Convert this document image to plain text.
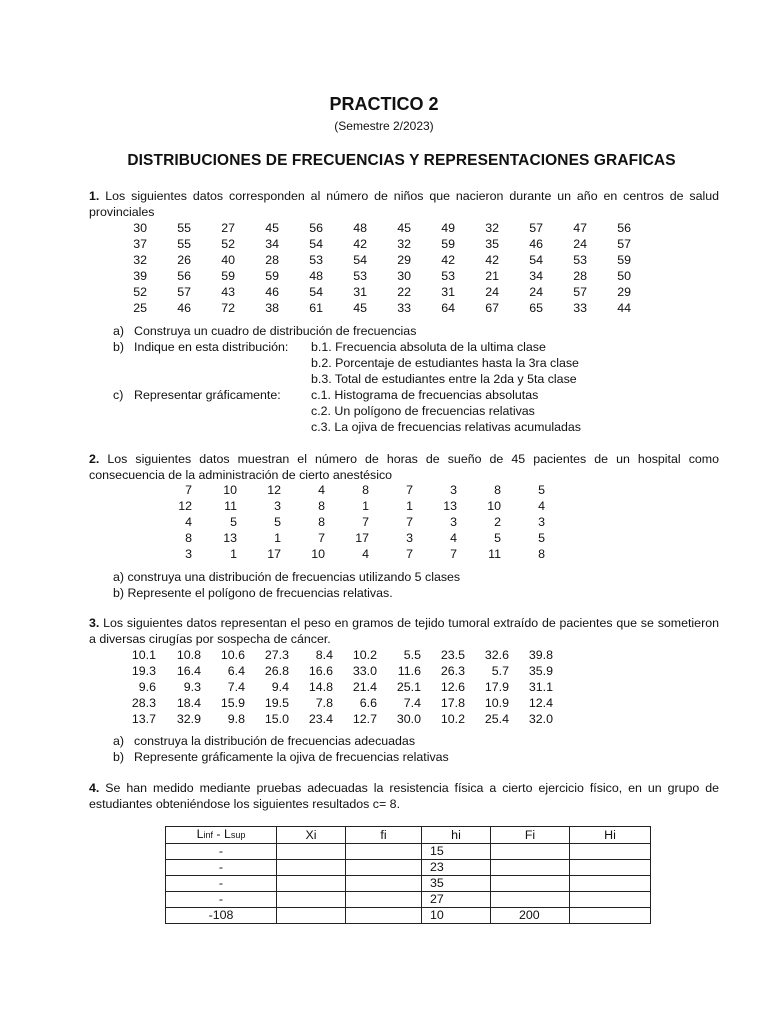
PRACTICO 2
(Semestre 2/2023)
DISTRIBUCIONES DE FRECUENCIAS Y REPRESENTACIONES GRAFICAS
1. Los siguientes datos corresponden al número de niños que nacieron durante un año en centros de salud provinciales
30 55 27 45 56 48 45 49 32 57 47 56
37 55 52 34 54 42 32 59 35 46 24 57
32 26 40 28 53 54 29 42 42 54 53 59
39 56 59 59 48 53 30 53 21 34 28 50
52 57 43 46 54 31 22 31 24 24 57 29
25 46 72 38 61 45 33 64 67 65 33 44
a) Construya un cuadro de distribución de frecuencias
b) Indique en esta distribución: b.1. Frecuencia absoluta de la ultima clase
b.2. Porcentaje de estudiantes hasta la 3ra clase
b.3. Total de estudiantes entre la 2da y 5ta clase
c) Representar gráficamente: c.1. Histograma de frecuencias absolutas
c.2. Un polígono de frecuencias relativas
c.3. La ojiva de frecuencias relativas acumuladas
2. Los siguientes datos muestran el número de horas de sueño de 45 pacientes de un hospital como consecuencia de la administración de cierto anestésico
7	10 12	4	8	7	3	8	5
12	11	3	8	1	1 13 10	4
4	5	5	8	7	7	3	2	3
8	13	1	7 17	3	4	5	5
3	1 17 10	4	7	7	11	8
a) construya una distribución de frecuencias utilizando 5 clases
b) Represente el polígono de frecuencias relativas.
3. Los siguientes datos representan el peso en gramos de tejido tumoral extraído de pacientes que se sometieron a diversas cirugías por sospecha de cáncer.
10.1 10.8 10.6 27.3 8.4 10.2 5.5 23.5 32.6 39.8
19.3 16.4 6.4 26.8 16.6 33.0 11.6 26.3 5.7 35.9
9.6 9.3 7.4 9.4 14.8 21.4 25.1 12.6 17.9 31.1
28.3 18.4 15.9 19.5 7.8 6.6 7.4 17.8 10.9 12.4
13.7 32.9 9.8 15.0 23.4 12.7 30.0 10.2 25.4 32.0
a) construya la distribución de frecuencias adecuadas
b) Represente gráficamente la ojiva de frecuencias relativas
4. Se han medido mediante pruebas adecuadas la resistencia física a cierto ejercicio físico, en un grupo de estudiantes obteniéndose los siguientes resultados c= 8.
Linf - Lsup	Xi	fi	hi	Fi	Hi
-			15		
-			23		
-			35		
-			27		
-108			10	200	
